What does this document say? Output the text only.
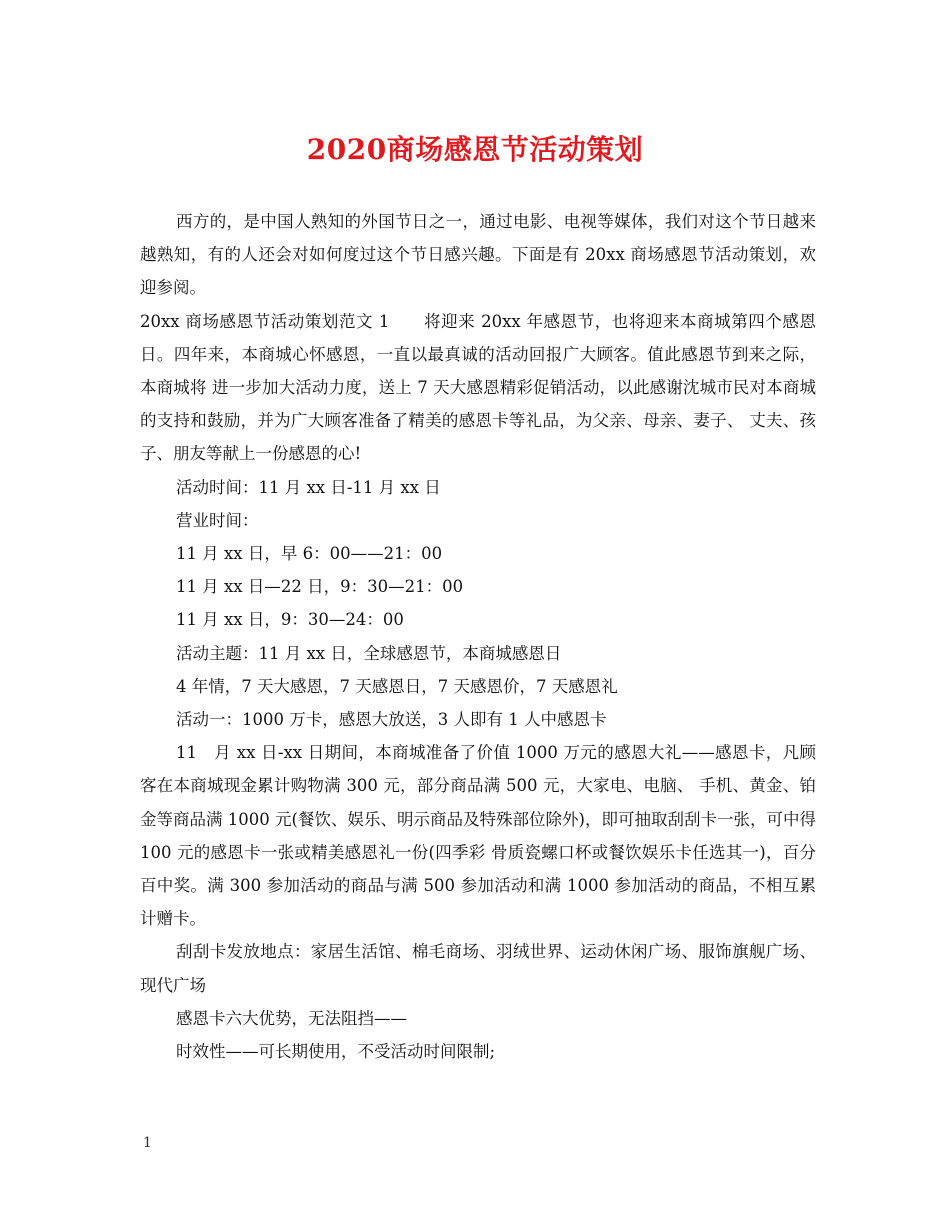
2020商场感恩节活动策划

西方的，是中国人熟知的外国节日之一，通过电影、电视等媒体，我们对这个节日越来越熟知，有的人还会对如何度过这个节日感兴趣。下面是有 20xx 商场感恩节活动策划，欢迎参阅。

20xx 商场感恩节活动策划范文 1　　将迎来 20xx 年感恩节，也将迎来本商城第四个感恩日。四年来，本商城心怀感恩，一直以最真诚的活动回报广大顾客。值此感恩节到来之际，本商城将 进一步加大活动力度，送上 7 天大感恩精彩促销活动，以此感谢沈城市民对本商城的支持和鼓励，并为广大顾客准备了精美的感恩卡等礼品，为父亲、母亲、妻子、 丈夫、孩子、朋友等献上一份感恩的心!

活动时间：11 月 xx 日-11 月 xx 日

营业时间：

11 月 xx 日，早 6：00——21：00

11 月 xx 日—22 日，9：30—21：00

11 月 xx 日，9：30—24：00

活动主题：11 月 xx 日，全球感恩节，本商城感恩日

4 年情，7 天大感恩，7 天感恩日，7 天感恩价，7 天感恩礼

活动一：1000 万卡，感恩大放送，3 人即有 1 人中感恩卡

11　月 xx 日-xx 日期间，本商城准备了价值 1000 万元的感恩大礼——感恩卡，凡顾客在本商城现金累计购物满 300 元，部分商品满 500 元，大家电、电脑、 手机、黄金、铂金等商品满 1000 元(餐饮、娱乐、明示商品及特殊部位除外)，即可抽取刮刮卡一张，可中得 100 元的感恩卡一张或精美感恩礼一份(四季彩 骨质瓷螺口杯或餐饮娱乐卡任选其一)，百分百中奖。满 300 参加活动的商品与满 500 参加活动和满 1000 参加活动的商品，不相互累计赠卡。

刮刮卡发放地点：家居生活馆、棉毛商场、羽绒世界、运动休闲广场、服饰旗舰广场、现代广场

感恩卡六大优势，无法阻挡——

时效性——可长期使用，不受活动时间限制;

1
